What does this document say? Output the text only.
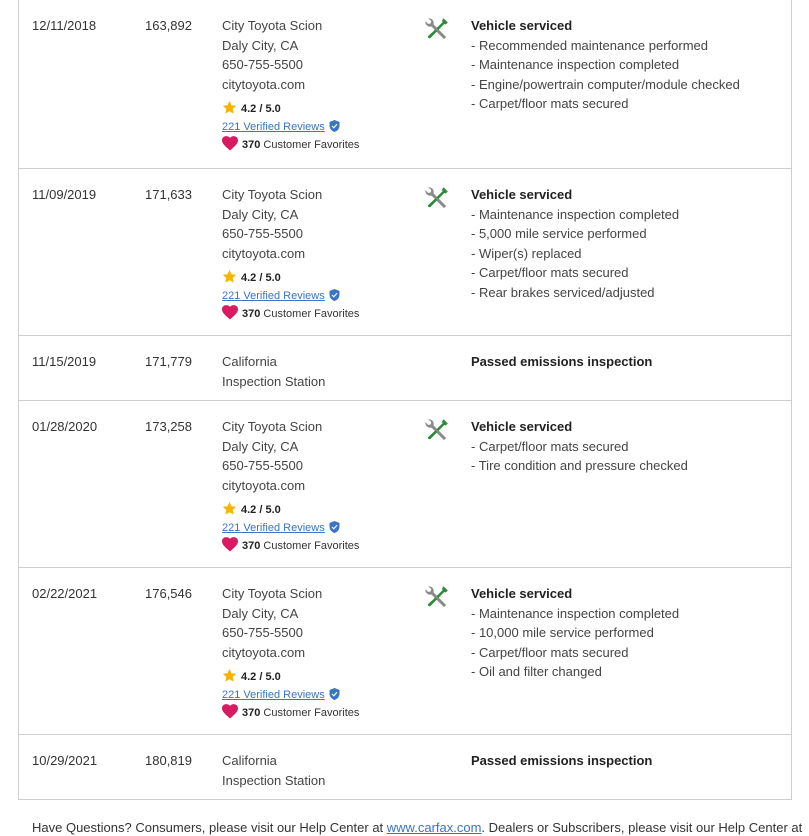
12/11/2018	163,892 City Toyota Scion
Daly City, CA
650-755-5500
citytoyota.com
4.2 / 5.0
221 Verified Reviews
370 Customer Favorites
Vehicle serviced
- Recommended maintenance performed
- Maintenance inspection completed
- Engine/powertrain computer/module checked
- Carpet/floor mats secured
11/09/2019	171,633 City Toyota Scion
Daly City, CA
650-755-5500
citytoyota.com
4.2 / 5.0
221 Verified Reviews
370 Customer Favorites
Vehicle serviced
- Maintenance inspection completed
- 5,000 mile service performed
- Wiper(s) replaced
- Carpet/floor mats secured
- Rear brakes serviced/adjusted
11/15/2019	171,779 California
Inspection Station
Passed emissions inspection
01/28/2020	173,258 City Toyota Scion
Daly City, CA
650-755-5500
citytoyota.com
4.2 / 5.0
221 Verified Reviews
370 Customer Favorites
Vehicle serviced
- Carpet/floor mats secured
- Tire condition and pressure checked
02/22/2021	176,546 City Toyota Scion
Daly City, CA
650-755-5500
citytoyota.com
4.2 / 5.0
221 Verified Reviews
370 Customer Favorites
Vehicle serviced
- Maintenance inspection completed
- 10,000 mile service performed
- Carpet/floor mats secured
- Oil and filter changed
10/29/2021	180,819 California
Inspection Station
Passed emissions inspection
Have Questions? Consumers, please visit our Help Center at www.carfax.com. Dealers or Subscribers, please visit our Help Center at
